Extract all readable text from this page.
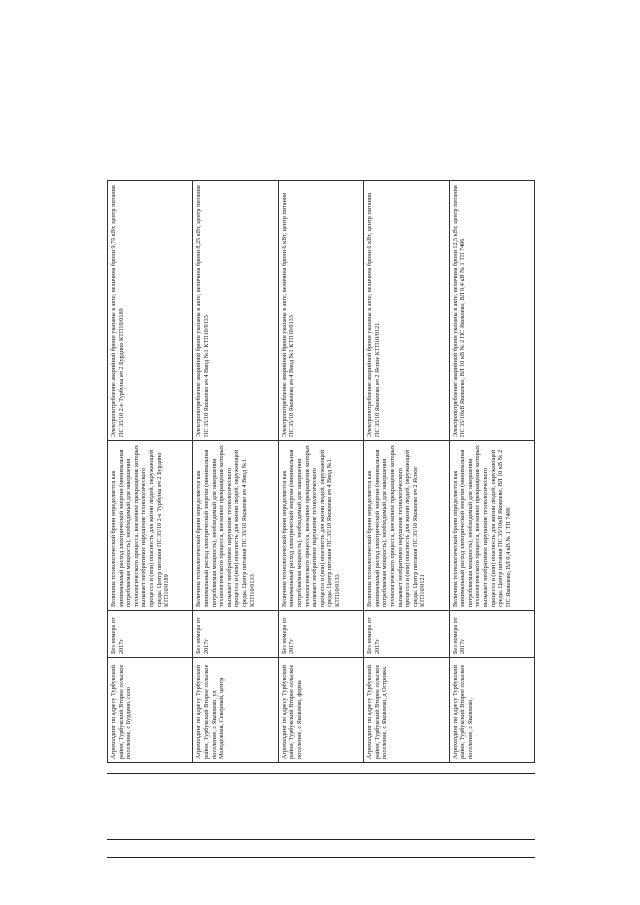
Агрохолдинг по адресу Турбукский район, Турбукский Второе сельское поселение, с Бурдино, село	Без номера от 2017г	Величина технологической брони определяется как минимальный расход электрической энергии (минимальная потребляемая мощность), необходимый для завершения технологического процесса, внезапное прекращение которых вызывает необратимое нарушение технологического процесса и (или) опасность для жизни людей, окружающей среды. Центр питания ПС 35/10 2-е Турбуны яч 2 Бурдино КТП10/0189	Электропотребление аварийной брони указаны в акте, величина брони 9,75 кВт, центр питания ПС 35/10 2-е Турбуны яч 2 Бурдино КТП10/0189
Агрохолдинг по адресу Турбукский район, Турбукский Второе сельское поселение, с Яковлево, ул Молодежная, Северный, центр	Без номера от 2017г	Величина технологической брони определяется как минимальный расход электрической энергии (минимальная потребляемая мощность), необходимый для завершения технологического процесса, внезапное прекращение которых вызывает необратимое нарушение технологического процесса и (или) опасность для жизни людей, окружающей среды. Центр питания ПС 35/10 Яковлево яч 4 Ввод №1 КТП10/0133	Электропотребление аварийной брони указаны в акте, величина брони 8,25 кВт, центр питания ПС 35/10 Яковлево яч 4 Ввод №1 КТП10/0133
Агрохолдинг по адресу Турбукский район, Турбукский Второе сельское поселение, с Яковлево, ферма	Без номера от 2017г	Величина технологической брони определяется как минимальный расход электрической энергии (минимальная потребляемая мощность), необходимый для завершения технологического процесса, внезапное прекращение которых вызывает необратимое нарушение технологического процесса и (или) опасность для жизни людей, окружающей среды. Центр питания ПС 35/10 Яковлево яч 4 Ввод №1 КТП10/0133	Электропотребление аварийной брони указаны в акте, величина брони 6 кВт, центр питания ПС 35/10 Яковлево яч 4 Ввод №1 КТП10/0133
Агрохолдинг по адресу Турбукский район, Турбукский Второе сельское поселение, с Яковлево, д Островка	Без номера от 2017г	Величина технологической брони определяется как минимальный расход электрической энергии (минимальная потребляемая мощность), необходимый для завершения технологического процесса, внезапное прекращение которых вызывает необратимое нарушение технологического процесса и (или) опасность для жизни людей, окружающей среды. Центр питания ПС 35/10 Яковлево яч 2 Ясное КТП10/0121	Электропотребление аварийной брони указаны в акте, величина брони 6 кВт, центр питания ПС 35/10 Яковлево яч 2 Ясное КТП10/0121
Агрохолдинг по адресу Турбукский район, Турбукский Второе сельское поселение, с Яковлево,	Без номера от 2017г	Величина технологической брони определяется как минимальный расход электрической энергии (минимальная потребляемая мощность), необходимый для завершения технологического процесса, внезапное прекращение которых вызывает необратимое нарушение технологического процесса и (или) опасность для жизни людей, окружающей среды. Центр питания ПС 35/10кВ Яковлево, ВЛ 10 кВ № 2 ПС Яковлево, ВЛ 0,4 кВ № 1 ТП 7406	Электропотребление аварийной брони указаны в акте, величина брони 12,5 кВт, центр питания ПС 35/10кВ Яковлево, ВЛ 10 кВ № 2 ПС Яковлево, ВЛ 0,4 кВ № 1 ТП 7406
